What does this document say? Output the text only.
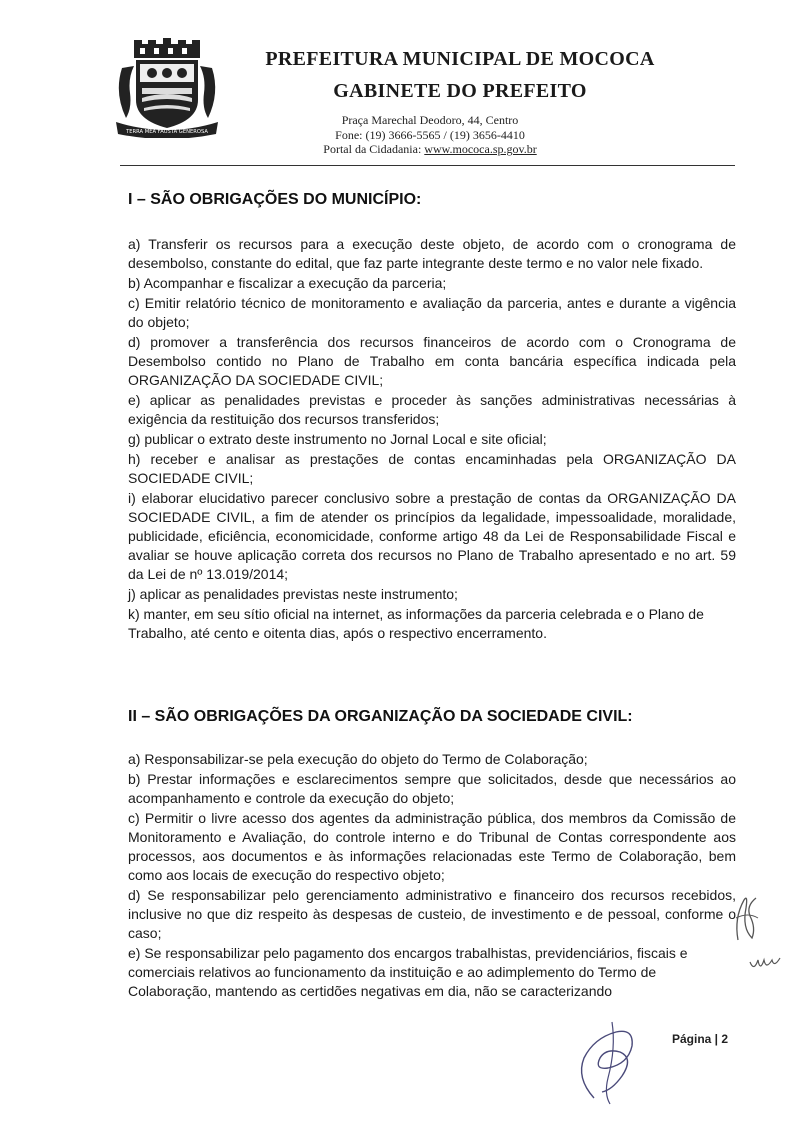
TERRA MEA FAUSTA GENEROSA
PREFEITURA MUNICIPAL DE MOCOCA
GABINETE DO PREFEITO
Praça Marechal Deodoro, 44, Centro
Fone: (19) 3666-5565 / (19) 3656-4410
Portal da Cidadania: www.mococa.sp.gov.br
I – SÃO OBRIGAÇÕES DO MUNICÍPIO:
a) Transferir os recursos para a execução deste objeto, de acordo com o cronograma de desembolso, constante do edital, que faz parte integrante deste termo e no valor nele fixado.
b) Acompanhar e fiscalizar a execução da parceria;
c) Emitir relatório técnico de monitoramento e avaliação da parceria, antes e durante a vigência do objeto;
d) promover a transferência dos recursos financeiros de acordo com o Cronograma de Desembolso contido no Plano de Trabalho em conta bancária específica indicada pela ORGANIZAÇÃO DA SOCIEDADE CIVIL;
e) aplicar as penalidades previstas e proceder às sanções administrativas necessárias à exigência da restituição dos recursos transferidos;
g) publicar o extrato deste instrumento no Jornal Local e site oficial;
h) receber e analisar as prestações de contas encaminhadas pela ORGANIZAÇÃO DA SOCIEDADE CIVIL;
i) elaborar elucidativo parecer conclusivo sobre a prestação de contas da ORGANIZAÇÃO DA SOCIEDADE CIVIL, a fim de atender os princípios da legalidade, impessoalidade, moralidade, publicidade, eficiência, economicidade, conforme artigo 48 da Lei de Responsabilidade Fiscal e avaliar se houve aplicação correta dos recursos no Plano de Trabalho apresentado e no art. 59 da Lei de nº 13.019/2014;
j) aplicar as penalidades previstas neste instrumento;
k) manter, em seu sítio oficial na internet, as informações da parceria celebrada e o Plano de Trabalho, até cento e oitenta dias, após o respectivo encerramento.
II – SÃO OBRIGAÇÕES DA ORGANIZAÇÃO DA SOCIEDADE CIVIL:
a) Responsabilizar-se pela execução do objeto do Termo de Colaboração;
b) Prestar informações e esclarecimentos sempre que solicitados, desde que necessários ao acompanhamento e controle da execução do objeto;
c) Permitir o livre acesso dos agentes da administração pública, dos membros da Comissão de Monitoramento e Avaliação, do controle interno e do Tribunal de Contas correspondente aos processos, aos documentos e às informações relacionadas este Termo de Colaboração, bem como aos locais de execução do respectivo objeto;
d) Se responsabilizar pelo gerenciamento administrativo e financeiro dos recursos recebidos, inclusive no que diz respeito às despesas de custeio, de investimento e de pessoal, conforme o caso;
e) Se responsabilizar pelo pagamento dos encargos trabalhistas, previdenciários, fiscais e comerciais relativos ao funcionamento da instituição e ao adimplemento do Termo de Colaboração, mantendo as certidões negativas em dia, não se caracterizando
Página | 2
